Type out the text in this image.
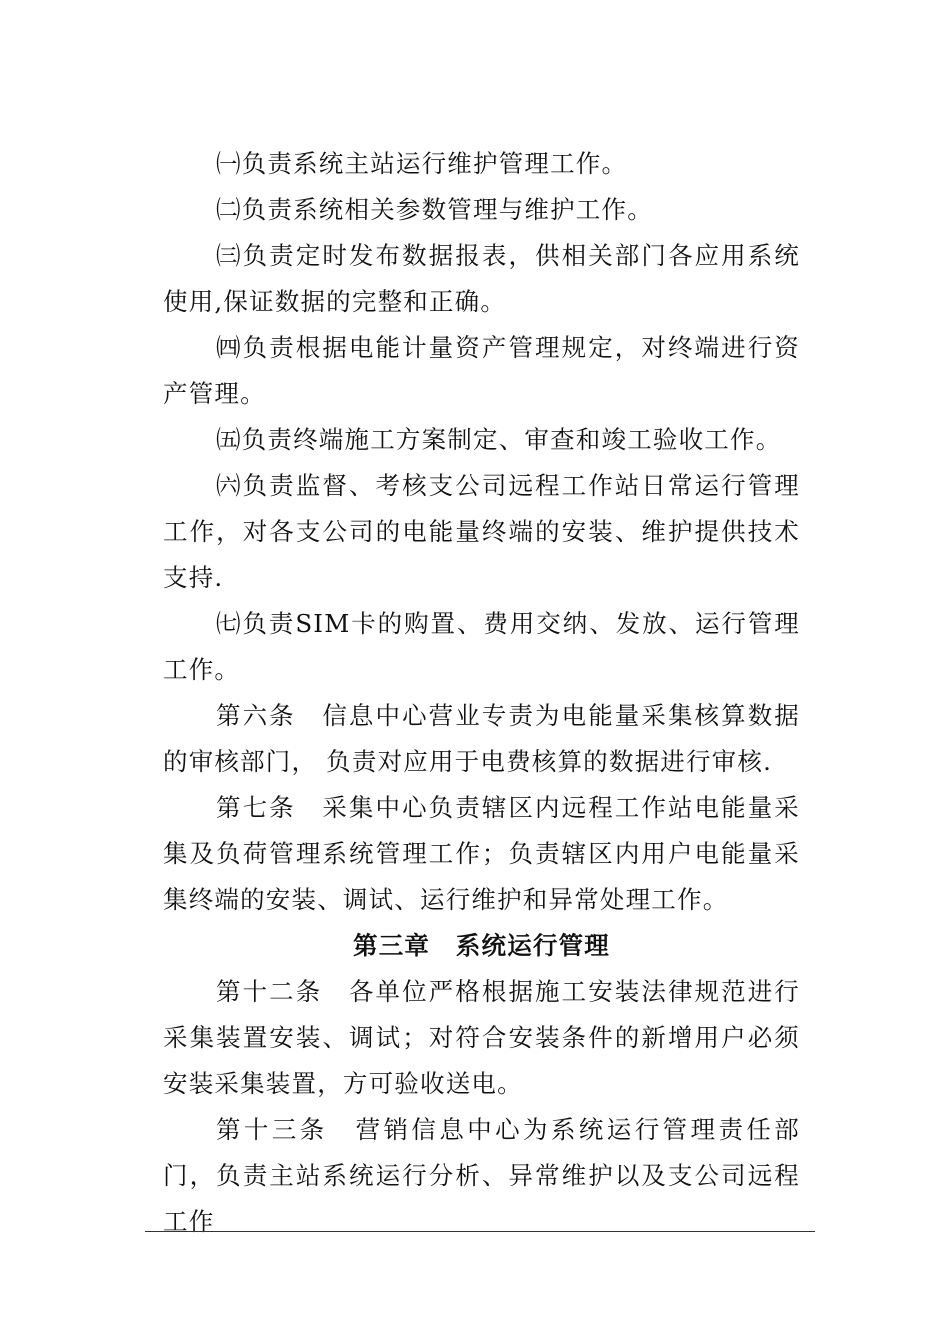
㈠负责系统主站运行维护管理工作。

㈡负责系统相关参数管理与维护工作。

㈢负责定时发布数据报表，供相关部门各应用系统使用,保证数据的完整和正确。

㈣负责根据电能计量资产管理规定，对终端进行资产管理。

㈤负责终端施工方案制定、审查和竣工验收工作。

㈥负责监督、考核支公司远程工作站日常运行管理工作，对各支公司的电能量终端的安装、维护提供技术支持.

㈦负责SIM卡的购置、费用交纳、发放、运行管理工作。

第六条　信息中心营业专责为电能量采集核算数据的审核部门， 负责对应用于电费核算的数据进行审核.

第七条　采集中心负责辖区内远程工作站电能量采集及负荷管理系统管理工作；负责辖区内用户电能量采集终端的安装、调试、运行维护和异常处理工作。

第三章　系统运行管理

第十二条　各单位严格根据施工安装法律规范进行采集装置安装、调试；对符合安装条件的新增用户必须安装采集装置，方可验收送电。

第十三条　营销信息中心为系统运行管理责任部门，负责主站系统运行分析、异常维护以及支公司远程工作
